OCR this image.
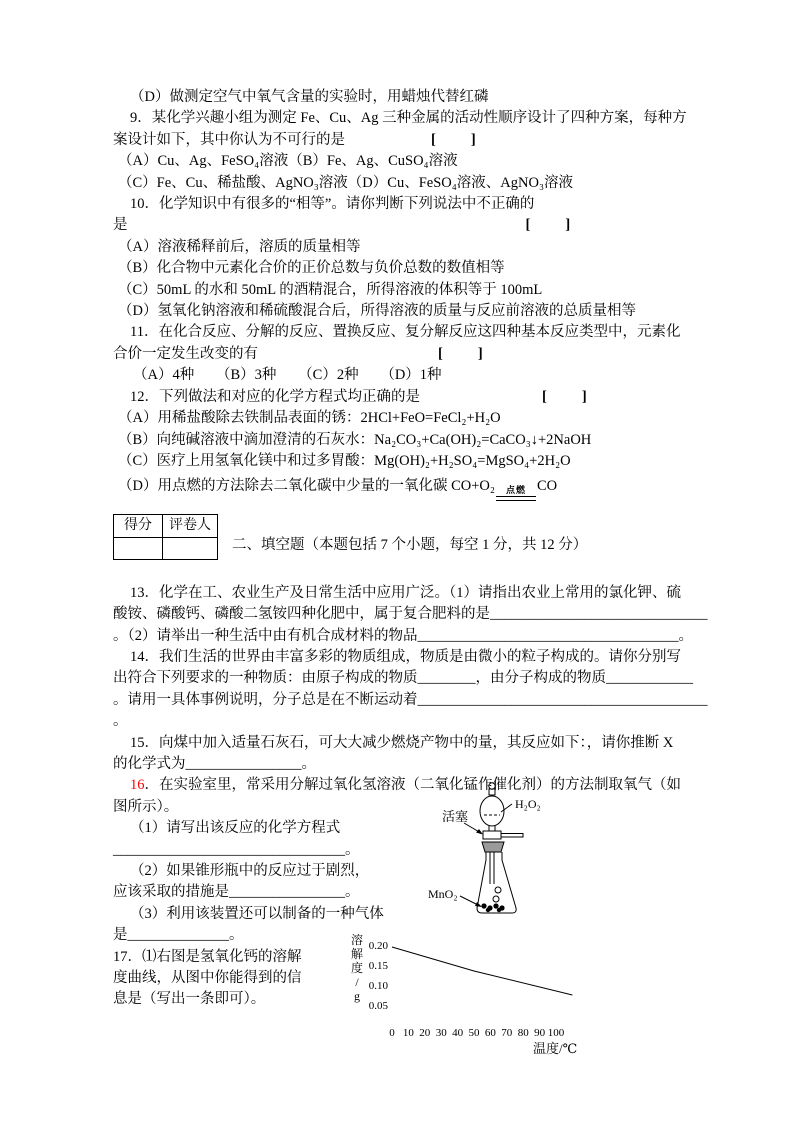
（D）做测定空气中氧气含量的实验时，用蜡烛代替红磷
9．某化学兴趣小组为测定 Fe、Cu、Ag 三种金属的活动性顺序设计了四种方案，每种方
案设计如下，其中你认为不可行的是	[　　]
（A）Cu、Ag、FeSO₄溶液（B）Fe、Ag、CuSO₄溶液
（C）Fe、Cu、稀盐酸、AgNO₃溶液（D）Cu、FeSO₄溶液、AgNO₃溶液
10．化学知识中有很多的“相等”。请你判断下列说法中不正确的
是	[　　]
（A）溶液稀释前后，溶质的质量相等
（B）化合物中元素化合价的正价总数与负价总数的数值相等
（C）50mL 的水和 50mL 的酒精混合，所得溶液的体积等于 100mL
（D）氢氧化钠溶液和稀硫酸混合后，所得溶液的质量与反应前溶液的总质量相等
11．在化合反应、分解的反应、置换反应、复分解反应这四种基本反应类型中，元素化
合价一定发生改变的有	[　　]
（A）4种　　（B）3种　　（C）2种　　（D）1种
12．下列做法和对应的化学方程式均正确的是	[　　]
（A）用稀盐酸除去铁制品表面的锈：2HCl+FeO=FeCl₂+H₂O
（B）向纯碱溶液中滴加澄清的石灰水：Na₂CO₃+Ca(OH)₂=CaCO₃↓+2NaOH
（C）医疗上用氢氧化镁中和过多胃酸：Mg(OH)₂+H₂SO₄=MgSO₄+2H₂O
（D）用点燃的方法除去二氧化碳中少量的一氧化碳 CO+O₂	点燃 CO
得分	评卷人

二、填空题（本题包括 7 个小题，每空 1 分，共 12 分）
13．化学在工、农业生产及日常生活中应用广泛。（1）请指出农业上常用的氯化钾、硫
酸铵、磷酸钙、磷酸二氢铵四种化肥中，属于复合肥料的是______________________________
。（2）请举出一种生活中由有机合成材料的物品____________________________________。
14．我们生活的世界由丰富多彩的物质组成，物质是由微小的粒子构成的。请你分别写
出符合下列要求的一种物质：由原子构成的物质________，由分子构成的物质____________
。请用一具体事例说明，分子总是在不断运动着________________________________________
。
15．向煤中加入适量石灰石，可大大减少燃烧产物中的量，其反应如下：，请你推断 X
的化学式为________________。
16．在实验室里，常采用分解过氧化氢溶液（二氧化锰作催化剂）的方法制取氧气（如
图所示）。
（1）请写出该反应的化学方程式
________________________________。
（2）如果锥形瓶中的反应过于剧烈，
应该采取的措施是________________。
（3）利用该装置还可以制备的一种气体
是______________。
17．⑴右图是氢氧化钙的溶解
度曲线，从图中你能得到的信
息是（写出一条即可）。
H₂O₂
活塞
MnO₂
溶
解
度
/
g
0.20
0.15
0.10
0.05
0 10 20 30 40 50 60 70 80 90 100
温度/℃
